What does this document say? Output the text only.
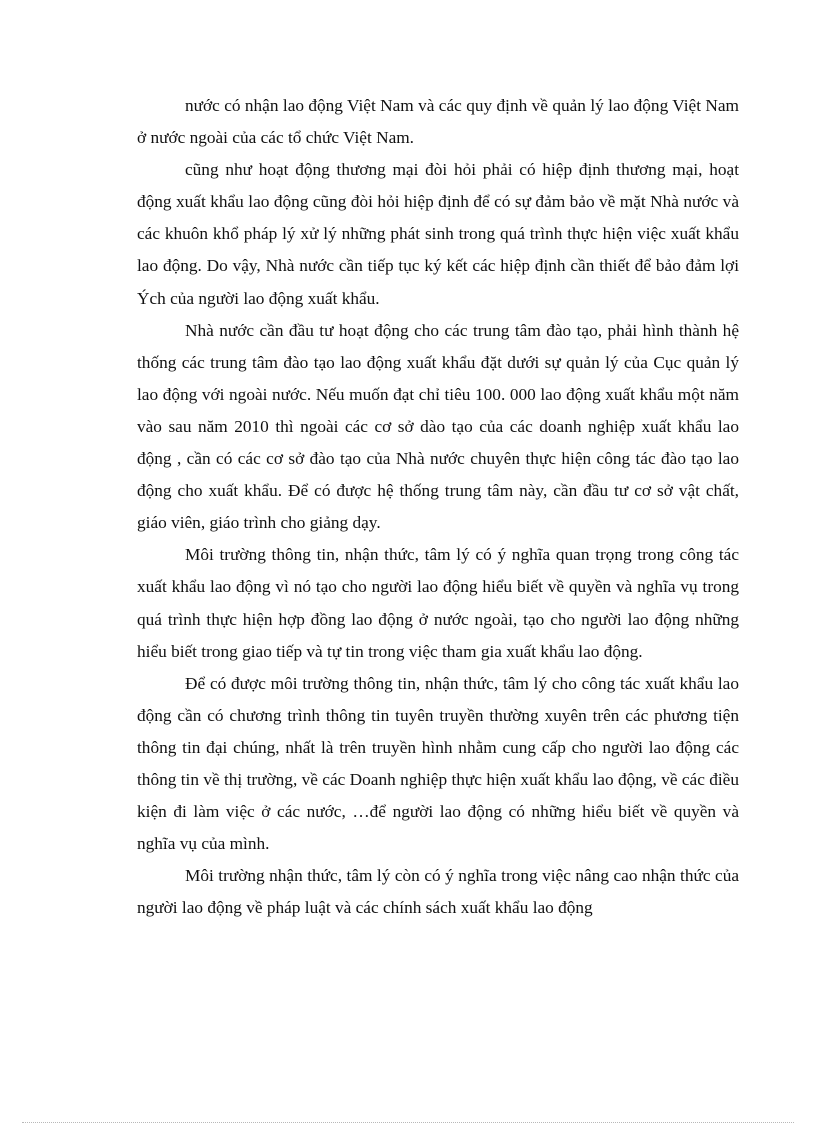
nước có nhận lao động Việt Nam và các quy định về quản lý lao động Việt Nam ở nước ngoài của các tổ chức Việt Nam.

cũng như hoạt động thương mại đòi hỏi phải có hiệp định thương mại, hoạt động xuất khẩu lao động cũng đòi hỏi hiệp định để có sự đảm bảo về mặt Nhà nước và các khuôn khổ pháp lý xử lý những phát sinh trong quá trình thực hiện việc xuất khẩu lao động. Do vậy, Nhà nước cần tiếp tục ký kết các hiệp định cần thiết để bảo đảm lợi Ých của người lao động xuất khẩu.

Nhà nước cần đầu tư hoạt động cho các trung tâm đào tạo, phải hình thành hệ thống các trung tâm đào tạo lao động xuất khẩu đặt dưới sự quản lý của Cục quản lý lao động với ngoài nước. Nếu muốn đạt chỉ tiêu 100. 000 lao động xuất khẩu một năm vào sau năm 2010 thì ngoài các cơ sở dào tạo của các doanh nghiệp xuất khẩu lao động , cần có các cơ sở đào tạo của Nhà nước chuyên thực hiện công tác đào tạo lao động cho xuất khẩu. Để có được hệ thống trung tâm này, cần đầu tư cơ sở vật chất, giáo viên, giáo trình cho giảng dạy.

Môi trường thông tin, nhận thức, tâm lý có ý nghĩa quan trọng trong công tác xuất khẩu lao động vì nó tạo cho người lao động hiểu biết về quyền và nghĩa vụ trong quá trình thực hiện hợp đồng lao động ở nước ngoài, tạo cho người lao động những hiểu biết trong giao tiếp và tự tin trong việc tham gia xuất khẩu lao động.

Để có được môi trường thông tin, nhận thức, tâm lý cho công tác xuất khẩu lao động cần có chương trình thông tin tuyên truyền thường xuyên trên các phương tiện thông tin đại chúng, nhất là trên truyền hình nhằm cung cấp cho người lao động các thông tin về thị trường, về các Doanh nghiệp thực hiện xuất khẩu lao động, về các điều kiện đi làm việc ở các nước, …để người lao động có những hiểu biết về quyền và nghĩa vụ của mình.

Môi trường nhận thức, tâm lý còn có ý nghĩa trong việc nâng cao nhận thức của người lao động về pháp luật và các chính sách xuất khẩu lao động
